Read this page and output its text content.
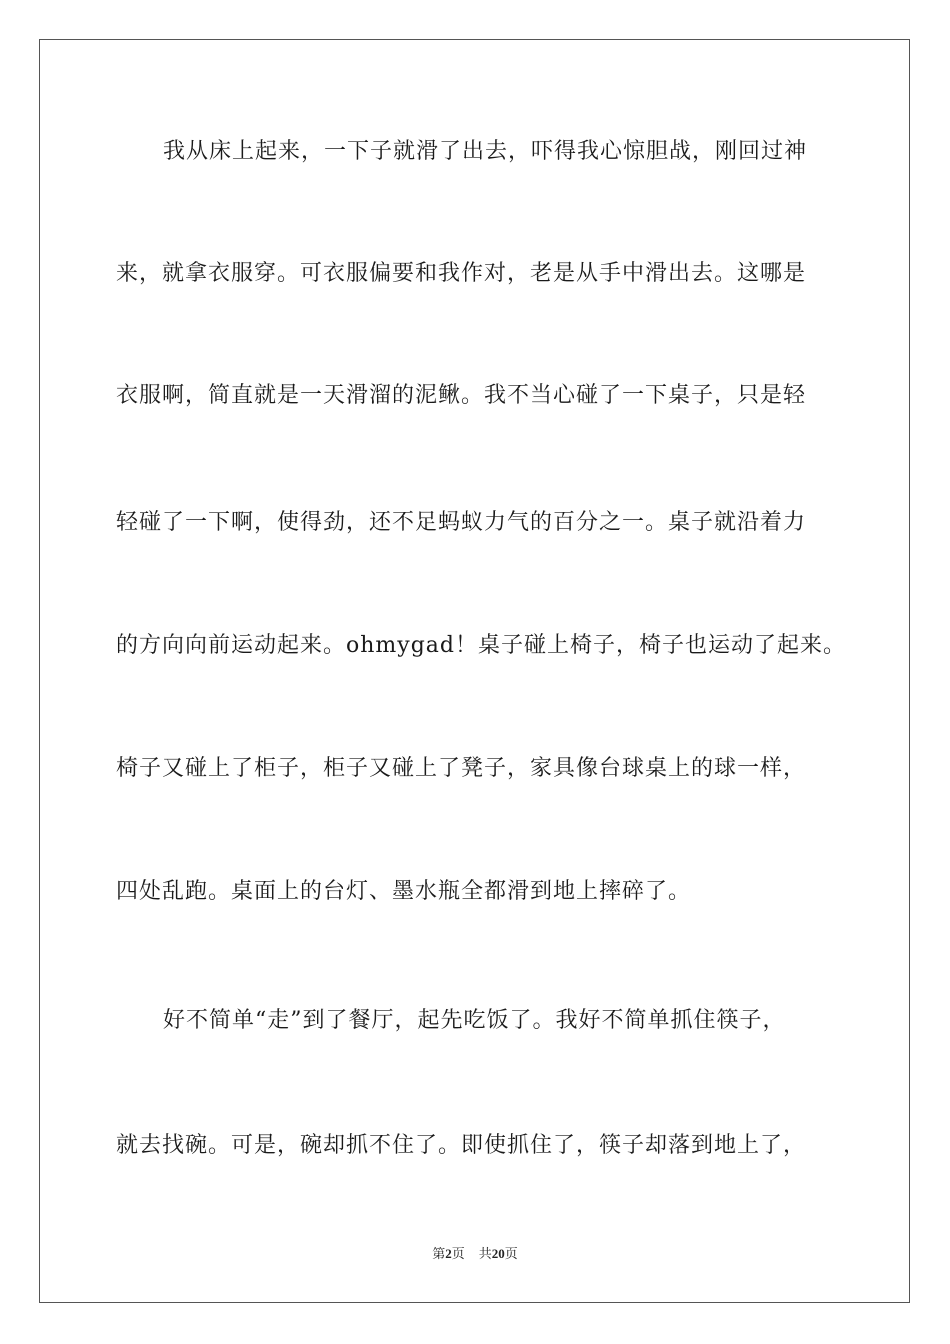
我从床上起来，一下子就滑了出去，吓得我心惊胆战，刚回过神
来，就拿衣服穿。可衣服偏要和我作对，老是从手中滑出去。这哪是
衣服啊，简直就是一天滑溜的泥鳅。我不当心碰了一下桌子，只是轻
轻碰了一下啊，使得劲，还不足蚂蚁力气的百分之一。桌子就沿着力
的方向向前运动起来。ohmygad！桌子碰上椅子，椅子也运动了起来。
椅子又碰上了柜子，柜子又碰上了凳子，家具像台球桌上的球一样，
四处乱跑。桌面上的台灯、墨水瓶全都滑到地上摔碎了。
好不简单“走”到了餐厅，起先吃饭了。我好不简单抓住筷子，
就去找碗。可是，碗却抓不住了。即使抓住了，筷子却落到地上了，
第2页 共20页
